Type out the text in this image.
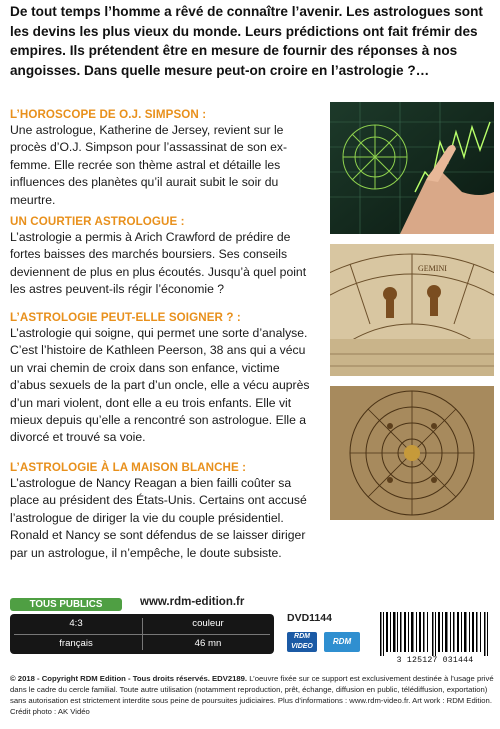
De tout temps l’homme a rêvé de connaître l’avenir. Les astrologues sont les devins les plus vieux du monde. Leurs prédictions ont fait frémir des empires. Ils prétendent être en mesure de fournir des réponses à nos angoisses. Dans quelle mesure peut-on croire en l’astrologie ?…

L’HOROSCOPE DE O.J. SIMPSON :

Une astrologue, Katherine de Jersey, revient sur le procès d’O.J. Simpson pour l’assassinat de son ex-femme. Elle recrée son thème astral et détaille les influences des planètes qu’il aurait subit le soir du meurtre.

UN COURTIER ASTROLOGUE :

L’astrologie a permis à Arich Crawford de prédire de fortes baisses des marchés boursiers. Ses conseils deviennent de plus en plus écoutés. Jusqu’à quel point les astres peuvent-ils régir l’économie ?

L’ASTROLOGIE PEUT-ELLE SOIGNER ? :

L’astrologie qui soigne, qui permet une sorte d’analyse. C’est l’histoire de Kathleen Peerson, 38 ans qui a vécu un vrai chemin de croix dans son enfance, victime d’abus sexuels de la part d’un oncle, elle a vécu auprès d’un mari violent, dont elle a eu trois enfants. Elle vit mieux depuis qu’elle a rencontré son astrologue. Elle a divorcé et trouvé sa voie.

L’ASTROLOGIE À LA MAISON BLANCHE :

L’astrologue de Nancy Reagan a bien failli coûter sa place au président des États-Unis. Certains ont accusé l’astrologue de diriger la vie du couple présidentiel. Ronald et Nancy se sont défendus de se laisser diriger par un astrologue, il n’empêche, le doute subsiste.

GEMINI
TOUS PUBLICS	www.rdm-edition.fr
4:3	couleur
français	46 mn
DVD1144
RDM VIDEO
RDM
3 125127 031444
© 2018 - Copyright RDM Edition - Tous droits réservés. EDV2189. L’oeuvre fixée sur ce support est exclusivement destinée à l’usage privé dans le cadre du cercle familial. Toute autre utilisation (notamment reproduction, prêt, échange, diffusion en public, télédiffusion, exportation) sans autorisation est strictement interdite sous peine de poursuites judiciaires. Plus d’informations : www.rdm-video.fr. Art work : RDM Edition. Crédit photo : AK Vidéo
